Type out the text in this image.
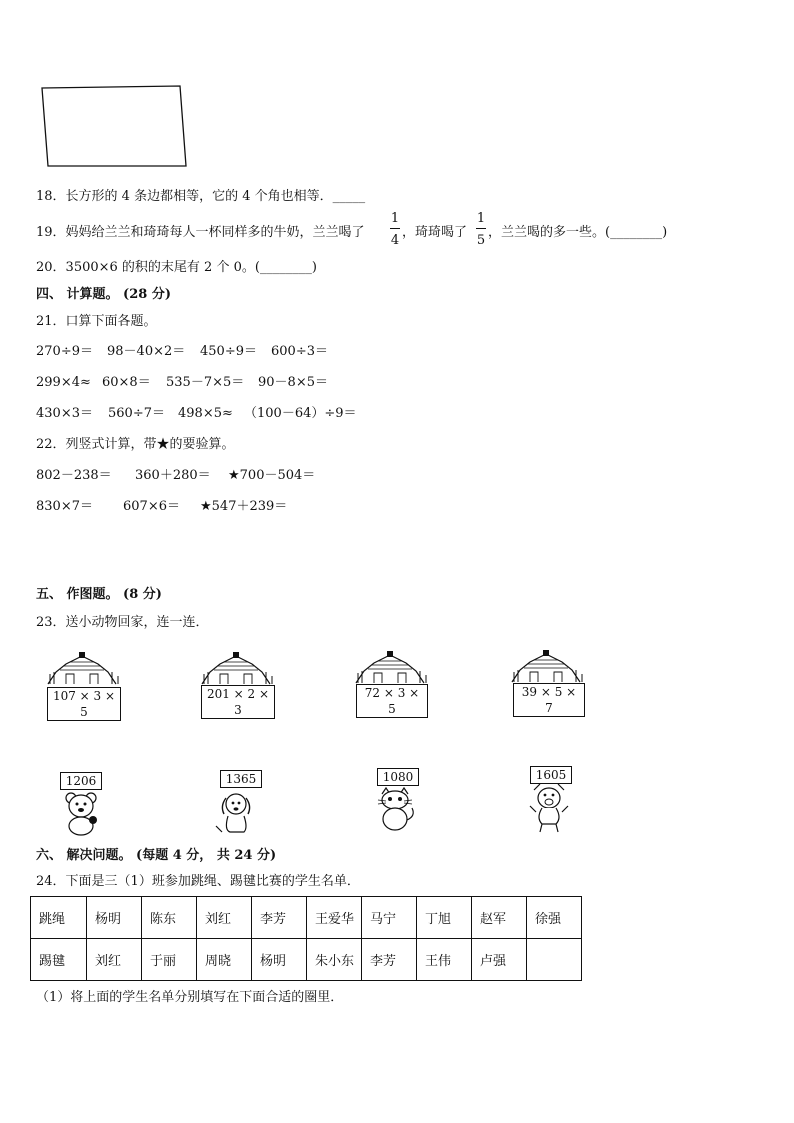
18．长方形的 4 条边都相等，它的 4 个角也相等．_____
19．妈妈给兰兰和琦琦每人一杯同样多的牛奶，兰兰喝了
1
4
，琦琦喝了
1
5
，兰兰喝的多一些。(________)
20．3500×6 的积的末尾有 2 个 0。(________)
四、 计算题。 (28 分)
21．口算下面各题。
270÷9＝ 98－40×2＝ 450÷9＝ 600÷3＝
299×4≈ 60×8＝ 535－7×5＝ 90－8×5＝
430×3＝ 560÷7＝ 498×5≈ （100－64）÷9＝
22．列竖式计算，带★的要验算。
802－238＝ 360＋280＝ ★700－504＝
830×7＝ 607×6＝ ★547＋239＝
五、 作图题。 (8 分)
23．送小动物回家，连一连．
107 × 3 × 5
201 × 2 × 3
72 × 3 × 5
39 × 5 × 7
1206	1365	1080	1605
六、 解决问题。 (每题 4 分， 共 24 分)
24．下面是三（1）班参加跳绳、踢毽比赛的学生名单．
跳绳	杨明	陈东	刘红	李芳	王爱华	马宁	丁旭	赵军	徐强
踢毽	刘红	于丽	周晓	杨明	朱小东	李芳	王伟	卢强	
（1）将上面的学生名单分别填写在下面合适的圈里．
